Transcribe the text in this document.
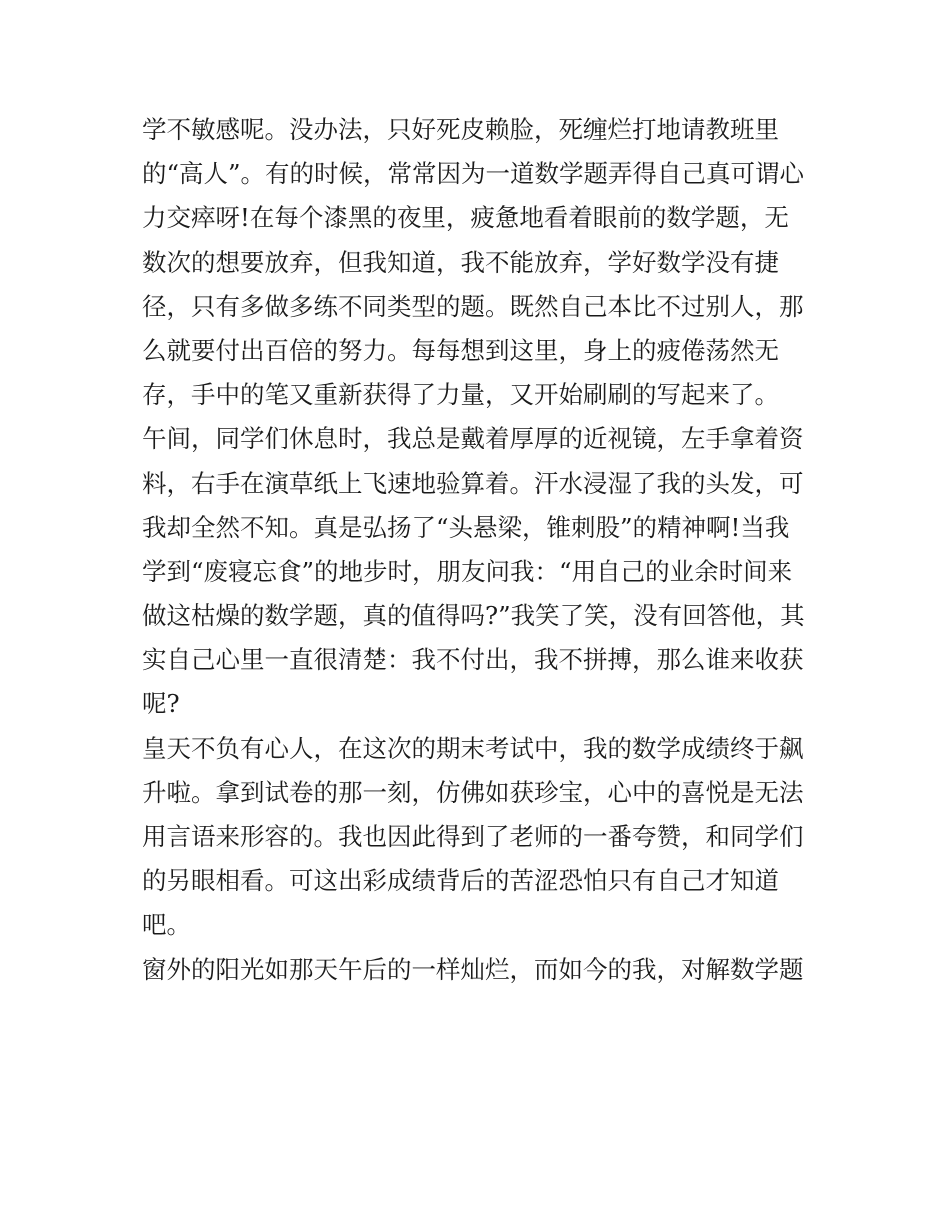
学不敏感呢。没办法，只好死皮赖脸，死缠烂打地请教班里
的“高人”。有的时候，常常因为一道数学题弄得自己真可谓心
力交瘁呀!在每个漆黑的夜里，疲惫地看着眼前的数学题，无
数次的想要放弃，但我知道，我不能放弃，学好数学没有捷
径，只有多做多练不同类型的题。既然自己本比不过别人，那
么就要付出百倍的努力。每每想到这里，身上的疲倦荡然无
存，手中的笔又重新获得了力量，又开始刷刷的写起来了。
午间，同学们休息时，我总是戴着厚厚的近视镜，左手拿着资
料，右手在演草纸上飞速地验算着。汗水浸湿了我的头发，可
我却全然不知。真是弘扬了“头悬梁，锥刺股”的精神啊!当我
学到“废寝忘食”的地步时，朋友问我：“用自己的业余时间来
做这枯燥的数学题，真的值得吗?”我笑了笑，没有回答他，其
实自己心里一直很清楚：我不付出，我不拼搏，那么谁来收获
呢?
皇天不负有心人，在这次的期末考试中，我的数学成绩终于飙
升啦。拿到试卷的那一刻，仿佛如获珍宝，心中的喜悦是无法
用言语来形容的。我也因此得到了老师的一番夸赞，和同学们
的另眼相看。可这出彩成绩背后的苦涩恐怕只有自己才知道
吧。
窗外的阳光如那天午后的一样灿烂，而如今的我，对解数学题
